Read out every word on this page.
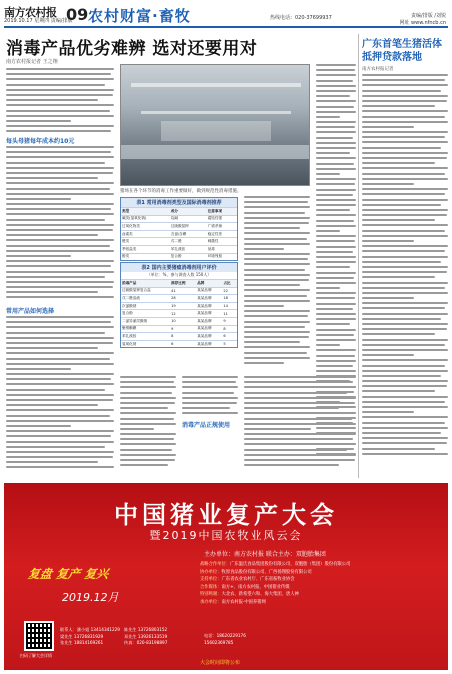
南方农村报
2019.10.17 星期四 责编/排版
09 农村财富·畜牧	热线电话：020-37699937	责编/排版 /刘锐
网址 www.nfncb.cn
消毒产品优劣难辨 选对还要用对
南方农村报记者 王之翔
每头母猪每年成本约10元
常用产品如何选择
猪场在各个环节的消毒工作重要做好，做到规范性消毒措施。
表1 常用消毒剂类型及国际消毒剂推荐
类型	成分	注意事项
碱类(氢氧化钠)	烧碱	腐蚀性强
过氧化物类	过硫酸氢钾	广谱杀菌
卤素类	含氯/含碘	稳定性差
醛类	戊二醛	刺激性
季铵盐类	苯扎溴铵	低毒
酚类	复合酚	环境残留
表2 国内主要猪瘟消毒剂用户评价
（单位：%，参与调查人数 150人）
消毒产品	推荐比例	品牌	占比
过硫酸氢钾复合盐	41	某某品牌	22
戊二醛溶液	28	某某品牌	18
次氯酸钠	19	某某品牌	14
复合酚	12	某某品牌	11
二氯异氰尿酸钠	10	某某品牌	9
聚维酮碘	9	某某品牌	8
苯扎溴铵	8	某某品牌	6
氢氧化钠	6	某某品牌	5
消毒产品正规使用
广东首笔生猪活体抵押贷款落地
南方农村报记者
中国猪业复产大会
暨2019中国农牧业风云会
复盘 复产 复兴
2019.12月
主办单位：南方农村报 联合主办：双胞胎集团
战略合作单位：广东温氏食品集团股份有限公司、双胞胎（集团）股份有限公司
协办单位：牧原食品股份有限公司、广西扬翔股份有限公司
支持单位：广东省农业农村厅、广东省畜牧业协会
合作媒体：南方+、南方农村报、中国猪业传媒
特别鸣谢：大北农、新希望六和、海大集团、唐人神
承办单位：南方农村报·中国养猪网
扫码了解大会详情
联系人：潘小姐 13414341229
梁先生 13726831929
张先生 18814169261
陈先生 13726803152
邓先生 13926133519
传真：020-83198897
电话：18620229176
15602369785
大会时间即将公布
